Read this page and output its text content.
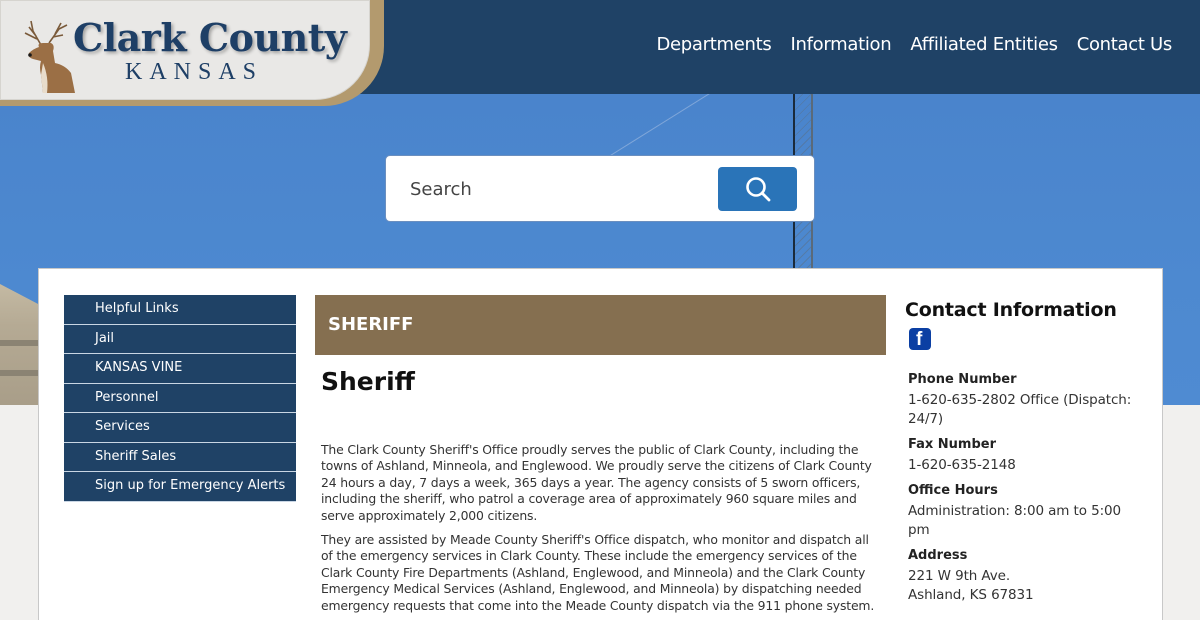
Departments Information Affiliated Entities Contact Us
Clark County
KANSAS
Search
Helpful Links
Jail
KANSAS VINE
Personnel
Services
Sheriff Sales
Sign up for Emergency Alerts
SHERIFF
Sheriff

The Clark County Sheriff's Office proudly serves the public of Clark County, including the towns of Ashland, Minneola, and Englewood. We proudly serve the citizens of Clark County 24 hours a day, 7 days a week, 365 days a year. The agency consists of 5 sworn officers, including the sheriff, who patrol a coverage area of approximately 960 square miles and serve approximately 2,000 citizens.

They are assisted by Meade County Sheriff's Office dispatch, who monitor and dispatch all of the emergency services in Clark County. These include the emergency services of the Clark County Fire Departments (Ashland, Englewood, and Minneola) and the Clark County Emergency Medical Services (Ashland, Englewood, and Minneola) by dispatching needed emergency requests that come into the Meade County dispatch via the 911 phone system.

Contact Information
f
Phone Number
1-620-635-2802 Office (Dispatch: 24/7)
Fax Number
1-620-635-2148
Office Hours
Administration: 8:00 am to 5:00 pm
Address
221 W 9th Ave.
Ashland, KS 67831
